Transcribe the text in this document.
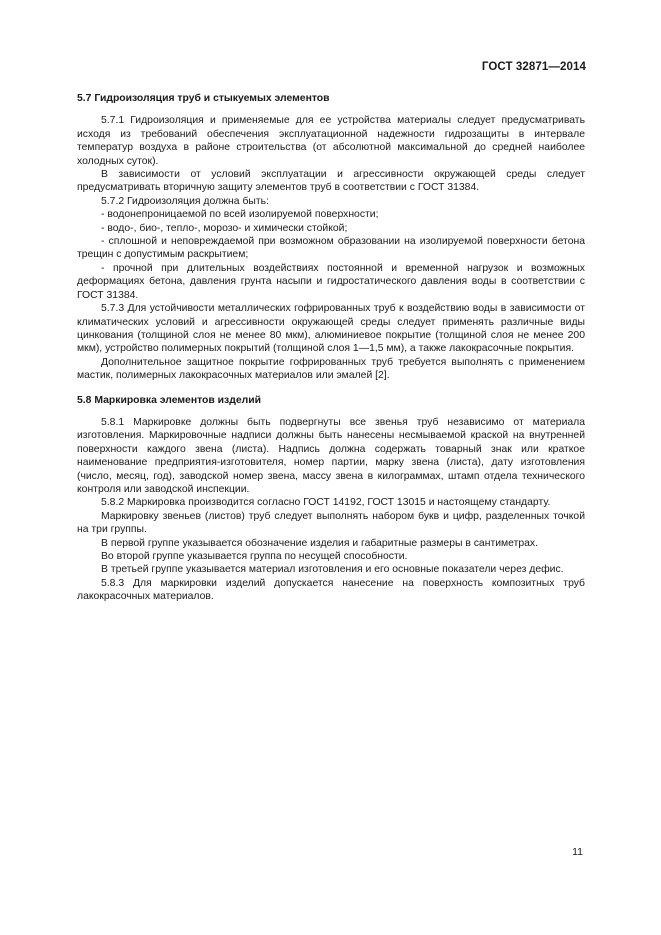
ГОСТ 32871—2014
5.7 Гидроизоляция труб и стыкуемых элементов

5.7.1 Гидроизоляция и применяемые для ее устройства материалы следует предусматривать исходя из требований обеспечения эксплуатационной надежности гидрозащиты в интервале температур воздуха в районе строительства (от абсолютной максимальной до средней наиболее холодных суток).

В зависимости от условий эксплуатации и агрессивности окружающей среды следует предусматривать вторичную защиту элементов труб в соответствии с ГОСТ 31384.

5.7.2 Гидроизоляция должна быть:

- водонепроницаемой по всей изолируемой поверхности;

- водо-, био-, тепло-, морозо- и химически стойкой;

- сплошной и неповреждаемой при возможном образовании на изолируемой поверхности бетона трещин с допустимым раскрытием;

- прочной при длительных воздействиях постоянной и временной нагрузок и возможных деформациях бетона, давления грунта насыпи и гидростатического давления воды в соответствии с ГОСТ 31384.

5.7.3 Для устойчивости металлических гофрированных труб к воздействию воды в зависимости от климатических условий и агрессивности окружающей среды следует применять различные виды цинкования (толщиной слоя не менее 80 мкм), алюминиевое покрытие (толщиной слоя не менее 200 мкм), устройство полимерных покрытий (толщиной слоя 1—1,5 мм), а также лакокрасочные покрытия.

Дополнительное защитное покрытие гофрированных труб требуется выполнять с применением мастик, полимерных лакокрасочных материалов или эмалей [2].

5.8 Маркировка элементов изделий

5.8.1 Маркировке должны быть подвергнуты все звенья труб независимо от материала изготовления. Маркировочные надписи должны быть нанесены несмываемой краской на внутренней поверхности каждого звена (листа). Надпись должна содержать товарный знак или краткое наименование предприятия-изготовителя, номер партии, марку звена (листа), дату изготовления (число, месяц, год), заводской номер звена, массу звена в килограммах, штамп отдела технического контроля или заводской инспекции.

5.8.2 Маркировка производится согласно ГОСТ 14192, ГОСТ 13015 и настоящему стандарту.

Маркировку звеньев (листов) труб следует выполнять набором букв и цифр, разделенных точкой на три группы.

В первой группе указывается обозначение изделия и габаритные размеры в сантиметрах.

Во второй группе указывается группа по несущей способности.

В третьей группе указывается материал изготовления и его основные показатели через дефис.

5.8.3 Для маркировки изделий допускается нанесение на поверхность композитных труб лакокрасочных материалов.

11
